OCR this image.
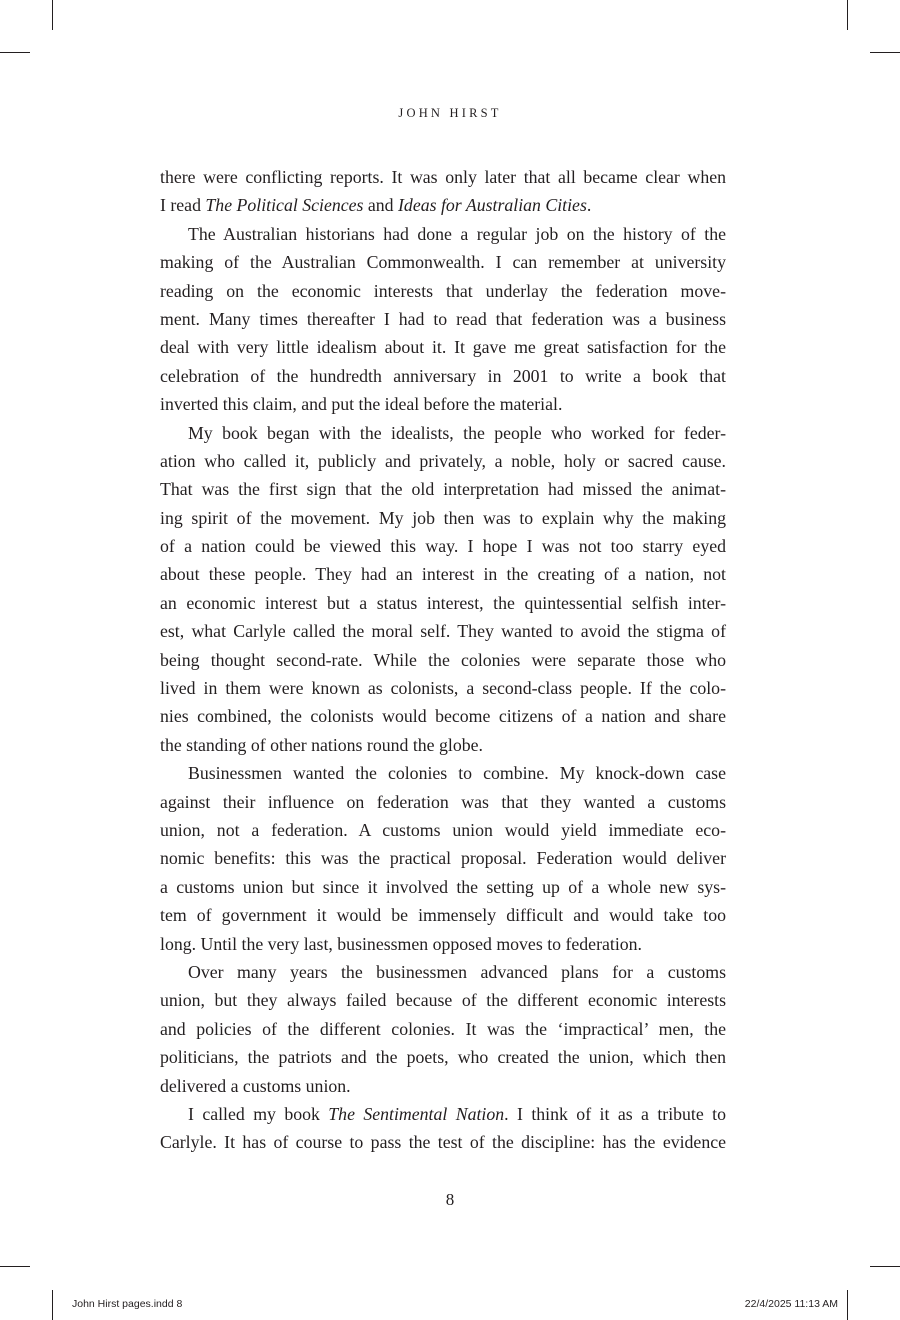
JOHN HIRST
there were conflicting reports. It was only later that all became clear when
I read The Political Sciences and Ideas for Australian Cities.
The Australian historians had done a regular job on the history of the
making of the Australian Commonwealth. I can remember at university
reading on the economic interests that underlay the federation move-
ment. Many times thereafter I had to read that federation was a business
deal with very little idealism about it. It gave me great satisfaction for the
celebration of the hundredth anniversary in 2001 to write a book that
inverted this claim, and put the ideal before the material.
My book began with the idealists, the people who worked for feder-
ation who called it, publicly and privately, a noble, holy or sacred cause.
That was the first sign that the old interpretation had missed the animat-
ing spirit of the movement. My job then was to explain why the making
of a nation could be viewed this way. I hope I was not too starry eyed
about these people. They had an interest in the creating of a nation, not
an economic interest but a status interest, the quintessential selfish inter-
est, what Carlyle called the moral self. They wanted to avoid the stigma of
being thought second-rate. While the colonies were separate those who
lived in them were known as colonists, a second-class people. If the colo-
nies combined, the colonists would become citizens of a nation and share
the standing of other nations round the globe.
Businessmen wanted the colonies to combine. My knock-down case
against their influence on federation was that they wanted a customs
union, not a federation. A customs union would yield immediate eco-
nomic benefits: this was the practical proposal. Federation would deliver
a customs union but since it involved the setting up of a whole new sys-
tem of government it would be immensely difficult and would take too
long. Until the very last, businessmen opposed moves to federation.
Over many years the businessmen advanced plans for a customs
union, but they always failed because of the different economic interests
and policies of the different colonies. It was the ‘impractical’ men, the
politicians, the patriots and the poets, who created the union, which then
delivered a customs union.
I called my book The Sentimental Nation. I think of it as a tribute to
Carlyle. It has of course to pass the test of the discipline: has the evidence
8
John Hirst pages.indd 8	22/4/2025 11:13 AM
